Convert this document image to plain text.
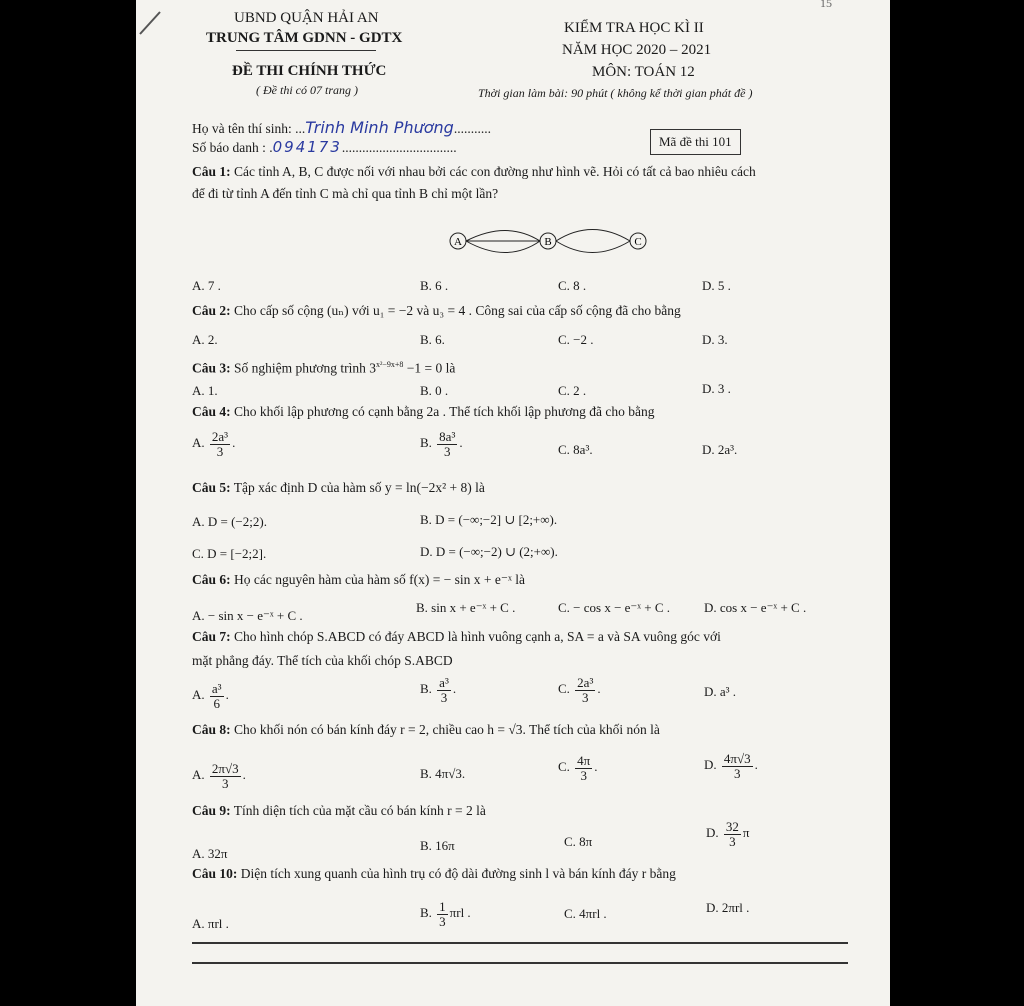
15
UBND QUẬN HẢI AN
TRUNG TÂM GDNN - GDTX
KIỂM TRA HỌC KÌ II
NĂM HỌC 2020 – 2021
ĐỀ THI CHÍNH THỨC	MÔN: TOÁN 12
( Đề thi có 07 trang )	Thời gian làm bài: 90 phút ( không kể thời gian phát đề )
Họ và tên thí sinh: ...Trinh Minh Phương...........
Số báo danh : .094173..................................	Mã đề thi 101
Câu 1: Các tỉnh A, B, C được nối với nhau bởi các con đường như hình vẽ. Hỏi có tất cả bao nhiêu cách
để đi từ tỉnh A đến tỉnh C mà chỉ qua tỉnh B chỉ một lần?
A	B	C
A. 7 .	B. 6 .	C. 8 .	D. 5 .
Câu 2: Cho cấp số cộng (uₙ) với u₁ = −2 và u₃ = 4 . Công sai của cấp số cộng đã cho bằng
A. 2.	B. 6.	C. −2 .	D. 3.
Câu 3: Số nghiệm phương trình $3^{x^2-9x+8} -1 = 0$ là
A. 1.	B. 0 .	C. 2 .	D. 3 .
Câu 4: Cho khối lập phương có cạnh bằng 2a . Thể tích khối lập phương đã cho bằng
A. $\frac{\text{2a³}}{3}$ .	B. $\frac{\text{8a³}}{3}$ .	C. 8a³.	D. 2a³.
Câu 5: Tập xác định D của hàm số y = ln(−2x² + 8) là
A. D = (−2;2).	B. D = (−∞;−2] ∪ [2;+∞).
C. D = [−2;2].	D. D = (−∞;−2) ∪ (2;+∞).
Câu 6: Họ các nguyên hàm của hàm số f(x) = − sin x + e⁻ˣ là
A. − sin x − e⁻ˣ + C .
B. sin x + e⁻ˣ + C .	C. − cos x − e⁻ˣ + C .	D. cos x − e⁻ˣ + C .
Câu 7: Cho hình chóp S.ABCD có đáy ABCD là hình vuông cạnh a, SA = a và SA vuông góc với
mặt phẳng đáy. Thể tích của khối chóp S.ABCD
A. $\frac{\text{a³}}{6}$ .	B. $\frac{\text{a³}}{3}$ .	C. $\frac{\text{2a³}}{3}$ .	D. a³ .
Câu 8: Cho khối nón có bán kính đáy r = 2, chiều cao h = √3. Thể tích của khối nón là
A. $\frac{2\pi√3}{3}$ .	B. 4π√3.	C. $\frac{4\pi}{3}$ .	D. $\frac{4\pi√3}{3}$ .
Câu 9: Tính diện tích của mặt cầu có bán kính r = 2 là
A. 32π
B. 16π	C. 8π
D. $\frac{32}{3}$ π
Câu 10: Diện tích xung quanh của hình trụ có độ dài đường sinh l và bán kính đáy r bằng
A. πrl .
B. $\frac{1}{3}$ πrl .	C. 4πrl .	D. 2πrl .
